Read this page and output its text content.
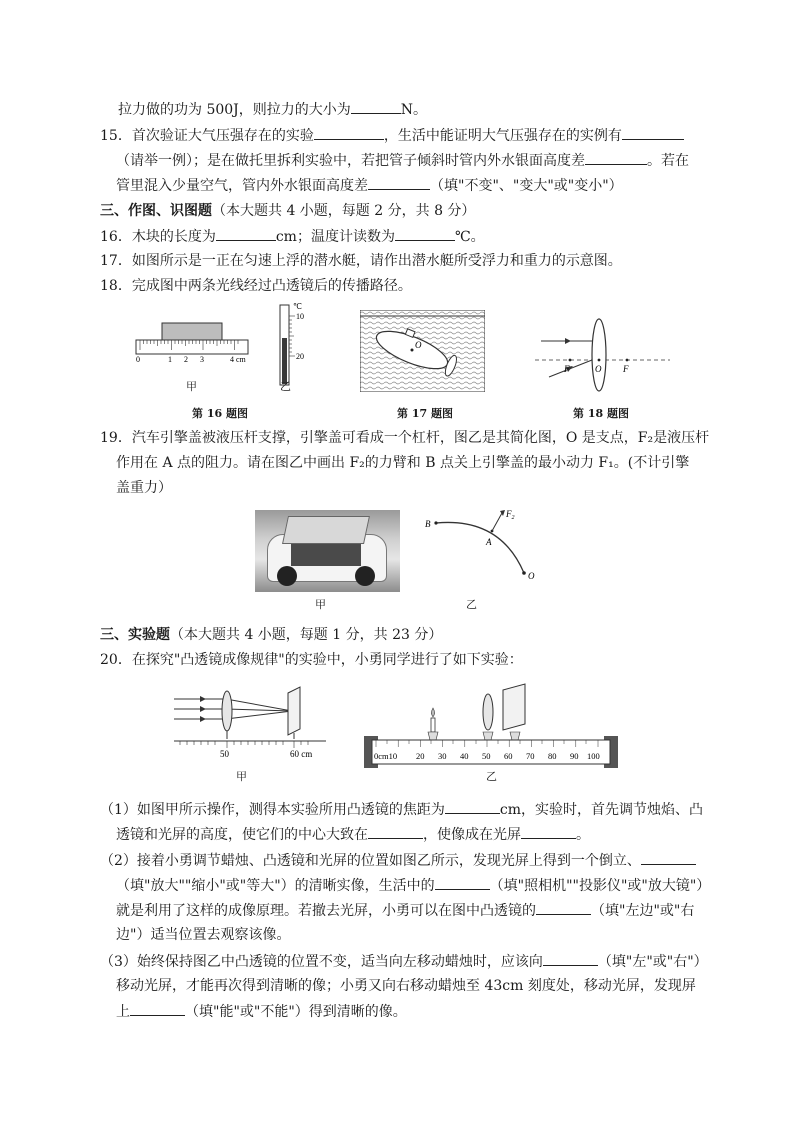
拉力做的功为 500J，则拉力的大小为	N。
15．首次验证大气压强存在的实验	，生活中能证明大气压强存在的实例有
（请举一例）；是在做托里拆利实验中，若把管子倾斜时管内外水银面高度差	。若在
管里混入少量空气，管内外水银面高度差	（填"不变"、"变大"或"变小"）
三、作图、识图题（本大题共 4 小题，每题 2 分，共 8 分）
16．木块的长度为	cm；温度计读数为	℃。
17．如图所示是一正在匀速上浮的潜水艇，请作出潜水艇所受浮力和重力的示意图。
18．完成图中两条光线经过凸透镜后的传播路径。
0	1 2 3	4 cm
℃
10
20
甲	乙
第 16 题图
O
第 17 题图
F	O F
第 18 题图
19．汽车引擎盖被液压杆支撑，引擎盖可看成一个杠杆，图乙是其简化图，O 是支点，F₂是液压杆
作用在 A 点的阻力。请在图乙中画出 F₂的力臂和 B 点关上引擎盖的最小动力 F₁。(不计引擎
盖重力）
甲
B
A
O
$F_2$
乙
三、实验题（本大题共 4 小题，每题 1 分，共 23 分）
20．在探究"凸透镜成像规律"的实验中，小勇同学进行了如下实验：
50	60 cm
甲
0cm10 20 30 40 50 60 70 80 90 100
乙
（1）如图甲所示操作，测得本实验所用凸透镜的焦距为	cm，实验时，首先调节烛焰、凸
透镜和光屏的高度，使它们的中心大致在	，使像成在光屏	。
（2）接着小勇调节蜡烛、凸透镜和光屏的位置如图乙所示，发现光屏上得到一个倒立、
（填"放大""缩小"或"等大"）的清晰实像，生活中的	（填"照相机""投影仪"或"放大镜"）
就是利用了这样的成像原理。若撤去光屏，小勇可以在图中凸透镜的	（填"左边"或"右
边"）适当位置去观察该像。
（3）始终保持图乙中凸透镜的位置不变，适当向左移动蜡烛时，应该向	（填"左"或"右"）
移动光屏，才能再次得到清晰的像；小勇又向右移动蜡烛至 43cm 刻度处，移动光屏，发现屏
上	（填"能"或"不能"）得到清晰的像。
